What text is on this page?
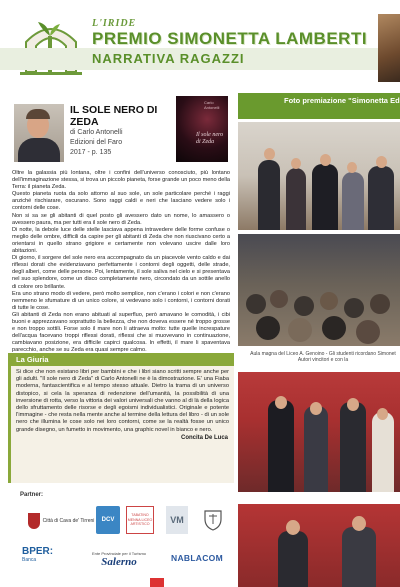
L'IRIDE
PREMIO SIMONETTA LAMBERTI
NARRATIVA RAGAZZI
IL SOLE NERO DI ZEDA
di Carlo Antonelli
Edizioni del Faro
2017 - p. 135
Carlo Antonelli
Il sole nero di Zeda

Oltre la galassia più lontana, oltre i confini dell'universo conosciuto, più lontano dell'immaginazione stessa, si trova un piccolo pianeta, forse grande un poco meno della Terra: il pianeta Zeda.

Questo pianeta ruota da solo attorno al suo sole, un sole particolare perché i raggi anziché rischiarare, oscurano. Sono raggi caldi e neri che lasciano vedere solo i contorni delle cose.

Non si sa se gli abitanti di quel posto gli avessero dato un nome, lo amassero o avessero paura, ma per tutti era il sole nero di Zeda.

Di notte, la debole luce delle stelle lasciava appena intravedere delle forme confuse o meglio delle ombre, difficili da capire per gli abitanti di Zeda che non riuscivano certo a orientarsi in quello strano grigiore e certamente non volevano uscire dalle loro abitazioni.

Di giorno, il sorgere del sole nero era accompagnato da un piacevole vento caldo e dai riflessi dorati che evidenziavano perfettamente i contorni degli oggetti, delle strade, degli alberi, come delle persone. Poi, lentamente, il sole saliva nel cielo e si presentava nel suo splendore, come un disco completamente nero, circondato da un sottile anello di colore oro brillante.

Era uno strano modo di vedere, però molto semplice, non c'erano i colori e non c'erano nemmeno le sfumature di un unico colore, si vedevano solo i contorni, i contorni dorati di tutte le cose.

Gli abitanti di Zeda non erano abituati al superfluo, però amavano le comodità, i cibi buoni e apprezzavano soprattutto la bellezza, che non doveva essere né troppo grosse e non troppo sottili. Forse solo il mare non li attraeva molto: tutte quelle increspature dell'acqua facevano troppi riflessi dorati, riflessi che si muovevano in continuazione, cambiavano posizione, era difficile capirci qualcosa. In effetti, il mare li spaventava parecchio, anche se su Zeda era quasi sempre calmo.

La Giuria
Si dice che non esistano libri per bambini e che i libri siano scritti sempre anche per gli adulti. "Il sole nero di Zeda" di Carlo Antonelli ne è la dimostrazione. E' una Fiaba moderna, fantascientifica e al tempo stesso attuale. Dietro la trama di un universo distopico, si cela la speranza di redenzione dell'umanità, la possibilità di una inversione di rotta, verso la vittoria dei valori universali che vanno al di là della logica dello sfruttamento delle risorse e degli egoismi individualistici. Originale e potente l'immagine - che resta nella mente anche al termine della lettura del libro - di un sole nero che illumina le cose solo nei loro contorni, come se la realtà fosse un unico grande disegno, un fumetto in movimento, una graphic novel in bianco e nero.
Concita De Luca
Partner:
Città di Cava de' Tirreni	DCV
TABATINO MENNA LICEO ARTISTICO	VM
BPER:
Banca
Ente Provinciale per il Turismo
Salerno	NABLACOM
Foto premiazione "Simonetta Ed
Aula magna del Liceo A. Genoino - Gli studenti ricordano Simonet Autori vincitori e con la
